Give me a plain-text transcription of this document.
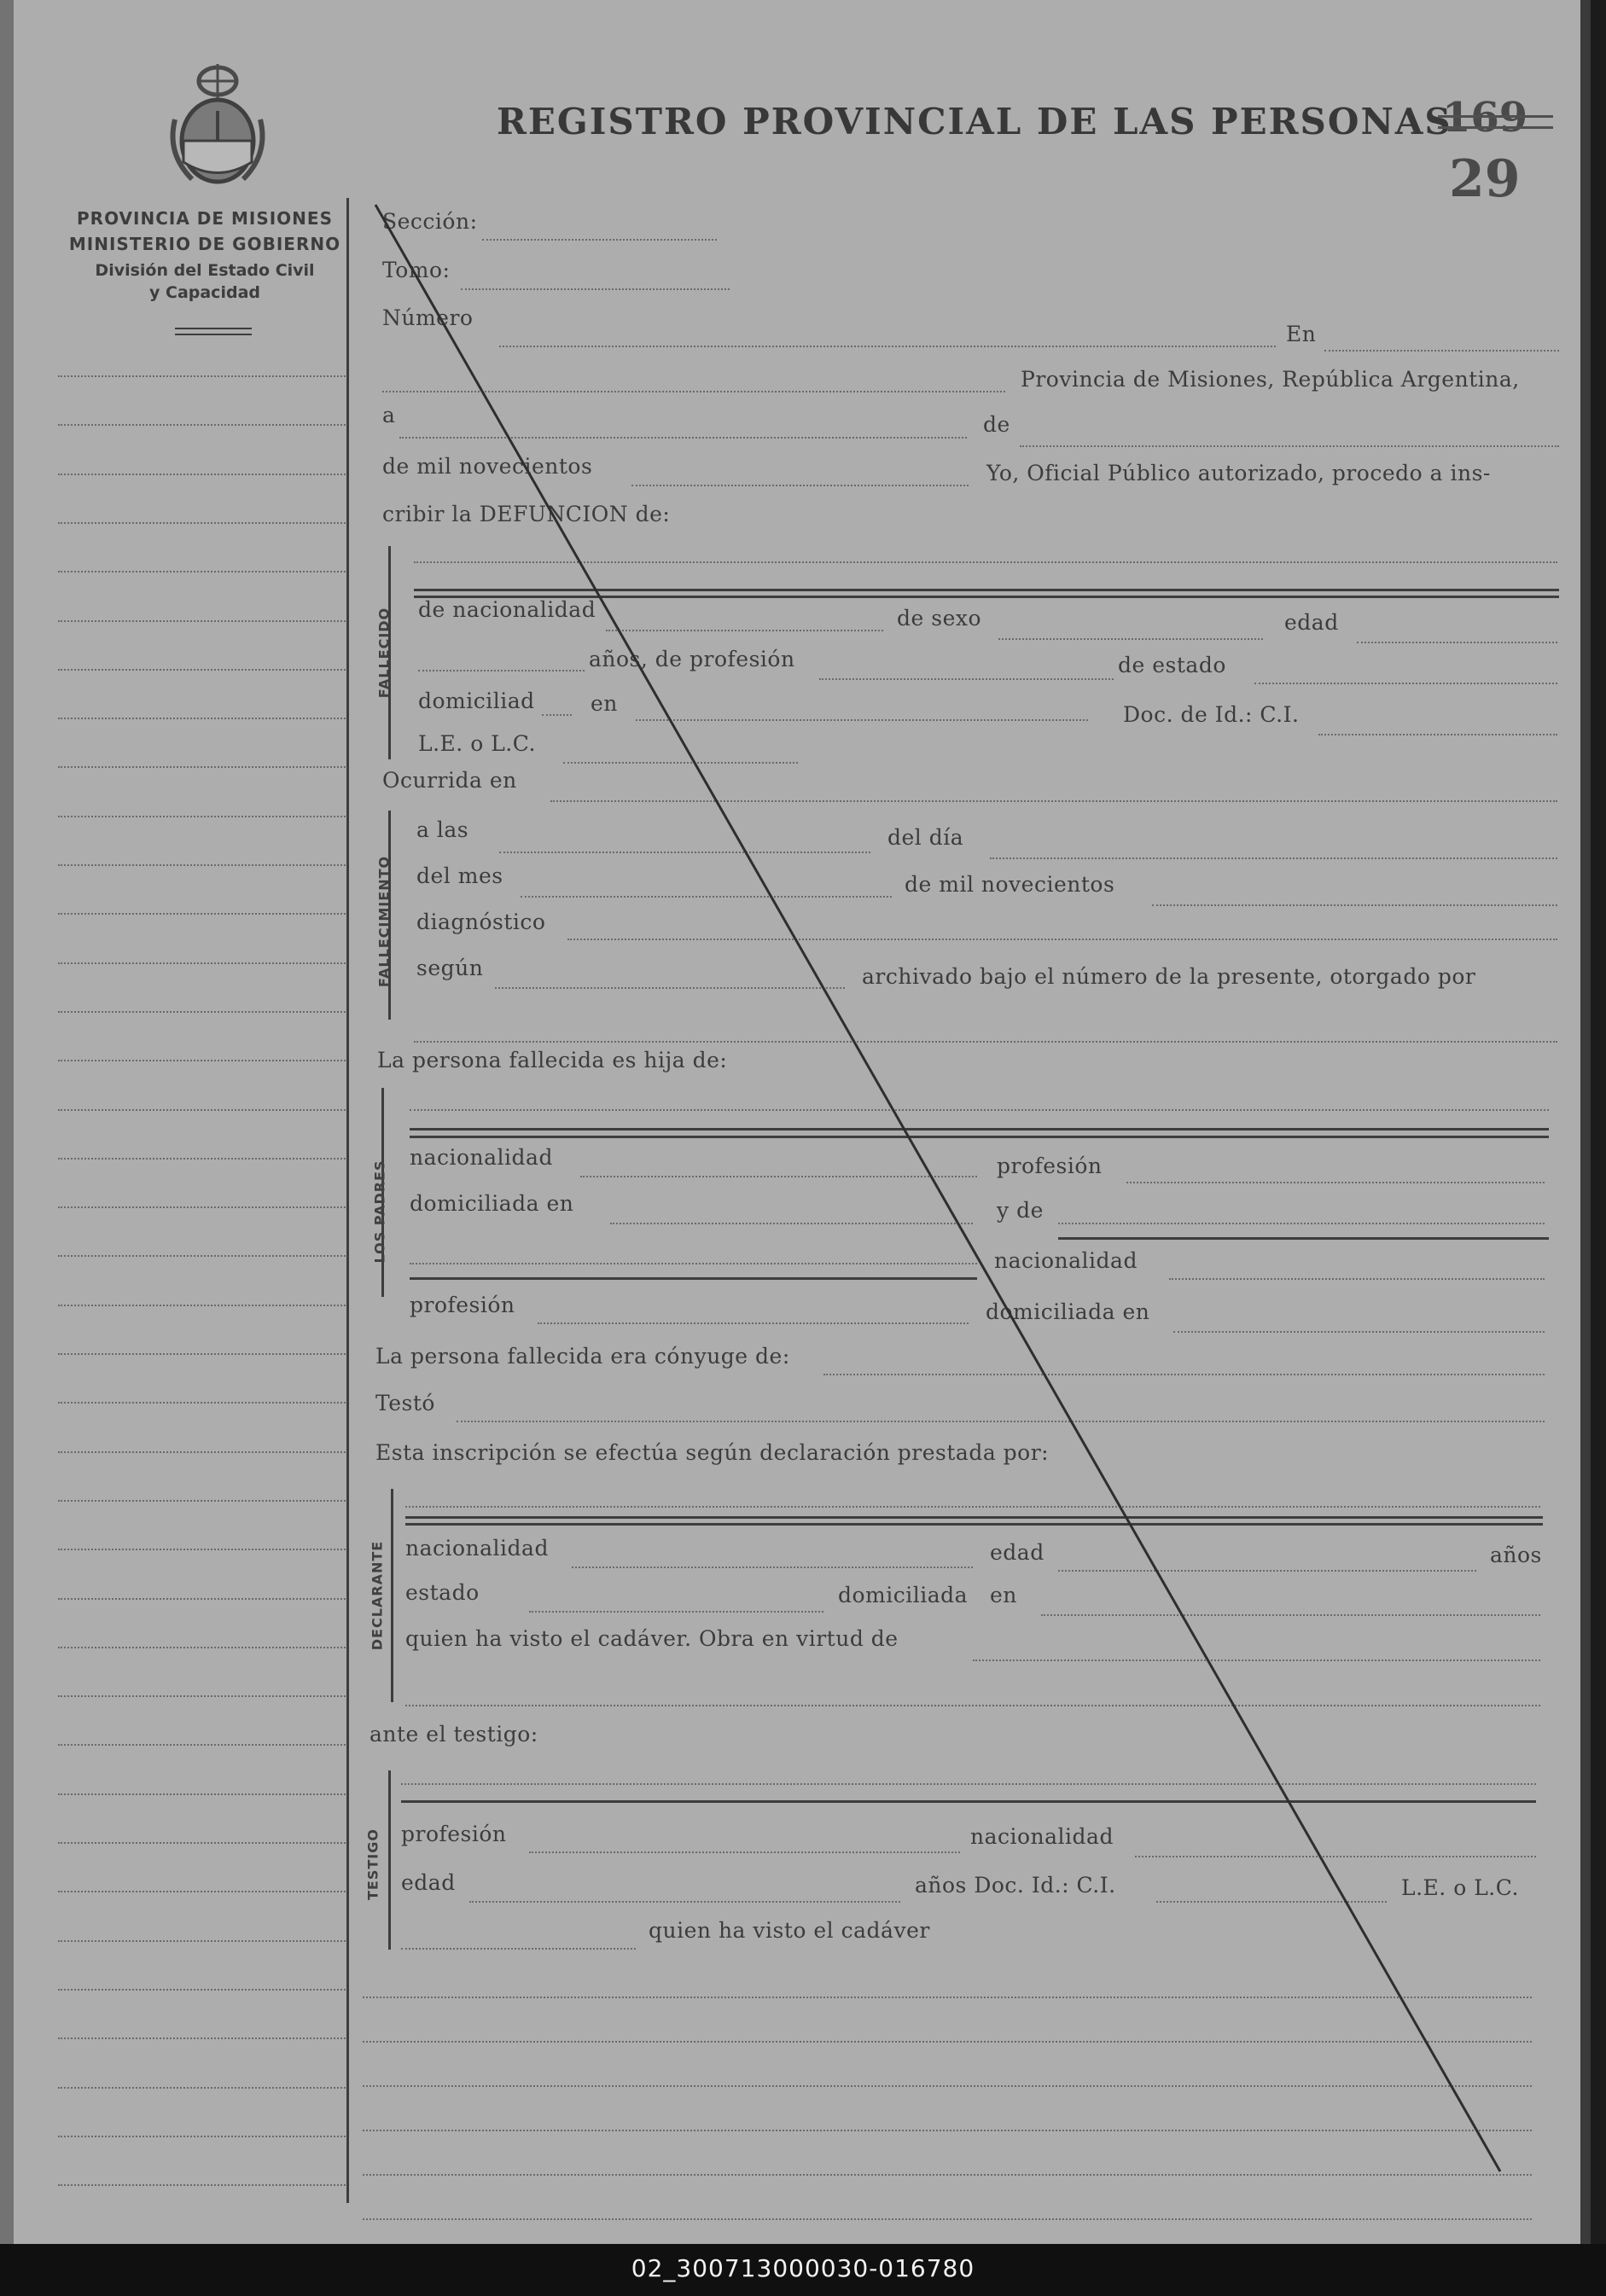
PROVINCIA DE MISIONES
MINISTERIO DE GOBIERNO
División del Estado Civil
y Capacidad
REGISTRO PROVINCIAL DE LAS PERSONAS
169
29
Sección:
Tomo:
Número
En
Provincia de Misiones, República Argentina,
a	de
de mil novecientos	Yo, Oficial Público autorizado, procedo a ins-
cribir la DEFUNCION de:
FALLECIDO de nacionalidad	de sexo	edad
años, de profesión	de estado
domiciliad	en	Doc. de Id.: C.I.
L.E. o L.C.
Ocurrida en
FALLECIMIENTO
a las	del día
del mes	de mil novecientos
diagnóstico
según	archivado bajo el número de la presente, otorgado por
La persona fallecida es hija de:
LOS PADRES
nacionalidad	profesión
domiciliada en	y de
nacionalidad
profesión	domiciliada en
La persona fallecida era cónyuge de:
Testó
Esta inscripción se efectúa según declaración prestada por:
DECLARANTE nacionalidad	edad	años
estado	domiciliada en
quien ha visto el cadáver. Obra en virtud de
ante el testigo:
TESTIGO profesión	nacionalidad
edad	años Doc. Id.: C.I.	L.E. o L.C.
quien ha visto el cadáver
02_300713000030-016780
